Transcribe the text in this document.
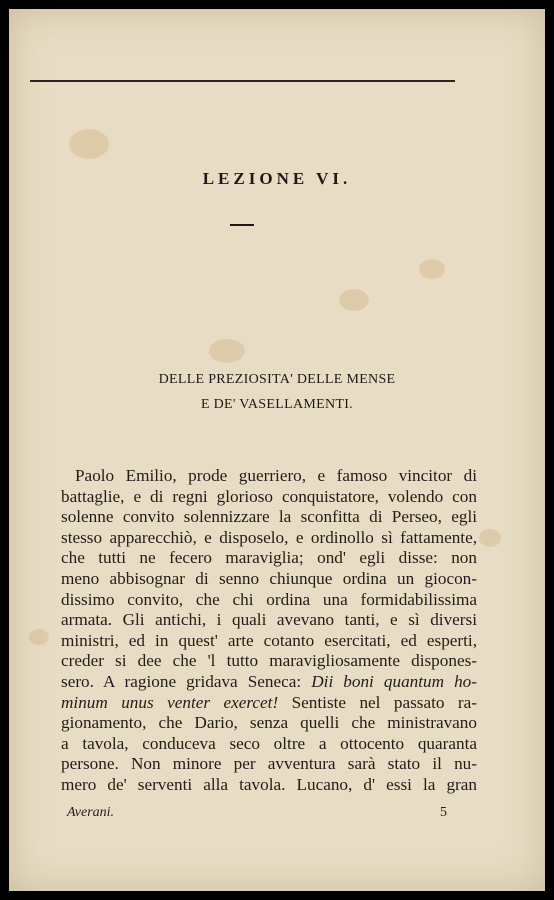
LEZIONE VI.
DELLE PREZIOSITA' DELLE MENSE
E DE' VASELLAMENTI.
Paolo Emilio, prode guerriero, e famoso vincitor di
battaglie, e di regni glorioso conquistatore, volendo con
solenne convito solennizzare la sconfitta di Perseo, egli
stesso apparecchiò, e disposelo, e ordinollo sì fattamente,
che tutti ne fecero maraviglia; ond' egli disse: non
meno abbisognar di senno chiunque ordina un giocon-
dissimo convito, che chi ordina una formidabilissima
armata. Gli antichi, i quali avevano tanti, e sì diversi
ministri, ed in quest' arte cotanto esercitati, ed esperti,
creder si dee che 'l tutto maravigliosamente dispones-
sero. A ragione gridava Seneca: Dii boni quantum ho-
minum unus venter exercet! Sentiste nel passato ra-
gionamento, che Dario, senza quelli che ministravano
a tavola, conduceva seco oltre a ottocento quaranta
persone. Non minore per avventura sarà stato il nu-
mero de' serventi alla tavola. Lucano, d' essi la gran
Averani.	5
